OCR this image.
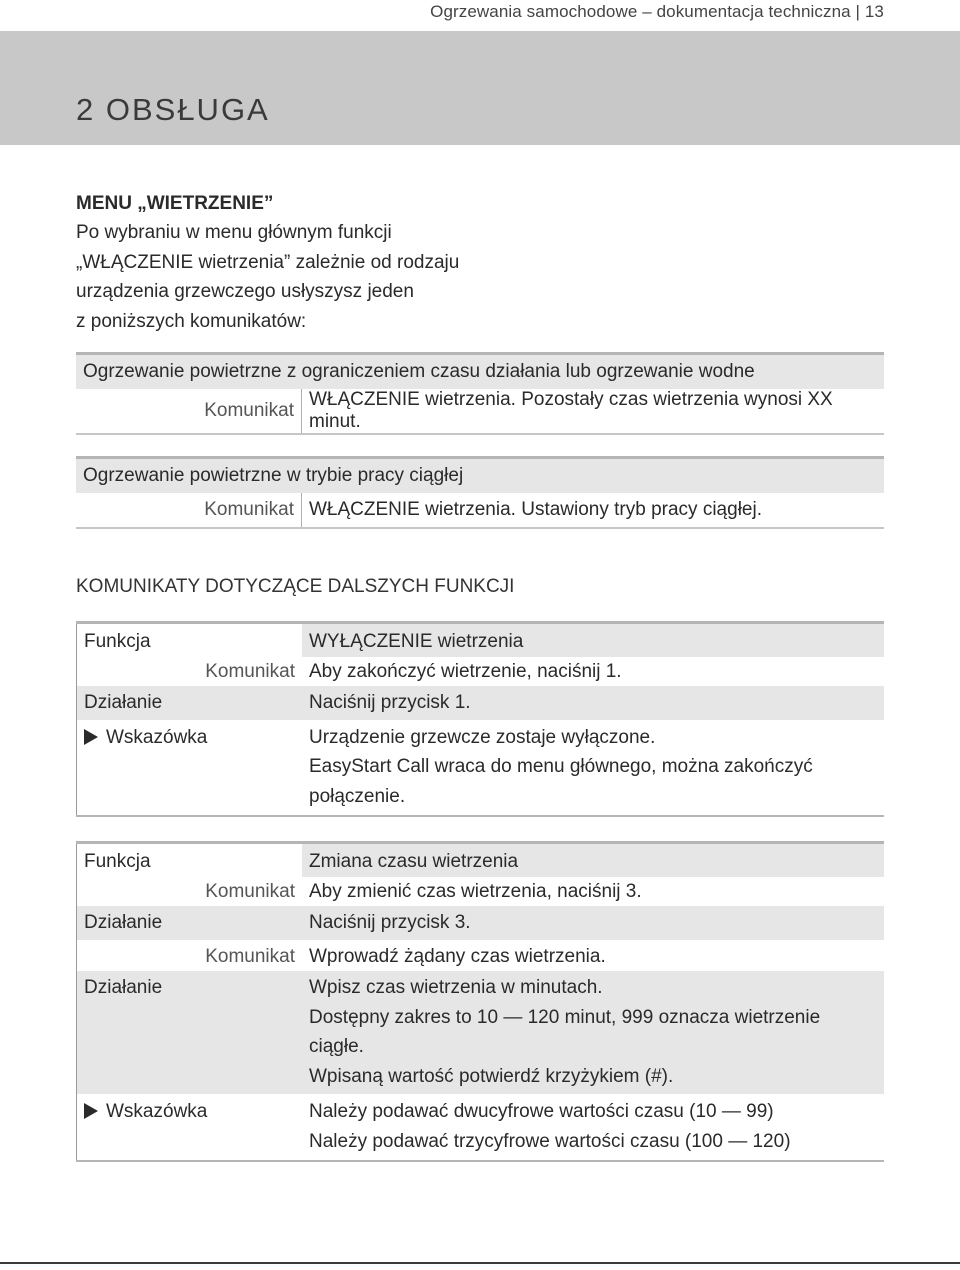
Ogrzewania samochodowe – dokumentacja techniczna | 13
2 OBSŁUGA

MENU „WIETRZENIE”

Po wybraniu w menu głównym funkcji

„WŁĄCZENIE wietrzenia” zależnie od rodzaju

urządzenia grzewczego usłyszysz jeden

z poniższych komunikatów:

Ogrzewanie powietrzne z ograniczeniem czasu działania lub ogrzewanie wodne
Komunikat	WŁĄCZENIE wietrzenia. Pozostały czas wietrzenia wynosi XX minut.
Ogrzewanie powietrzne w trybie pracy ciągłej
Komunikat	WŁĄCZENIE wietrzenia. Ustawiony tryb pracy ciągłej.

KOMUNIKATY DOTYCZĄCE DALSZYCH FUNKCJI

Funkcja	WYŁĄCZENIE wietrzenia
Komunikat	Aby zakończyć wietrzenie, naciśnij 1.
Działanie	Naciśnij przycisk 1.
Wskazówka	Urządzenie grzewcze zostaje wyłączone.
EasyStart Call wraca do menu głównego, można zakończyć połączenie.
Funkcja	Zmiana czasu wietrzenia
Komunikat	Aby zmienić czas wietrzenia, naciśnij 3.
Działanie	Naciśnij przycisk 3.
Komunikat	Wprowadź żądany czas wietrzenia.
Działanie	Wpisz czas wietrzenia w minutach.
Dostępny zakres to 10 — 120 minut, 999 oznacza wietrzenie ciągłe.
Wpisaną wartość potwierdź krzyżykiem (#).

Wskazówka	Należy podawać dwucyfrowe wartości czasu (10 — 99)
Należy podawać trzycyfrowe wartości czasu (100 — 120)
